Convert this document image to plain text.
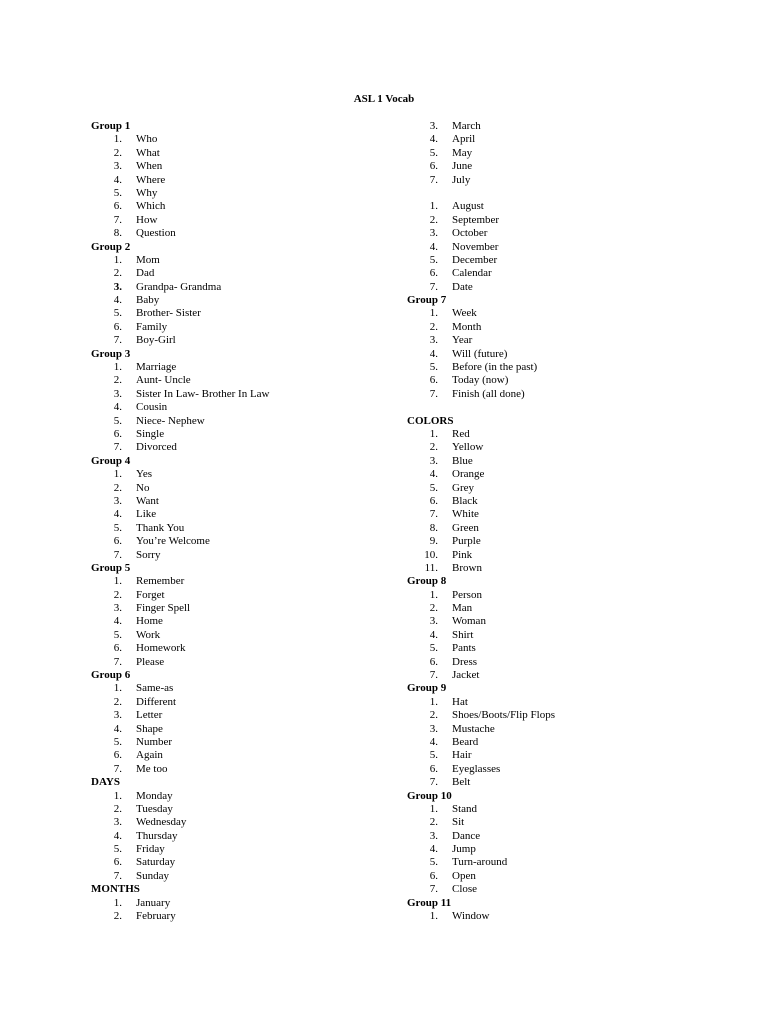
ASL 1 Vocab
Group 1
1. Who
2. What
3. When
4. Where
5. Why
6. Which
7. How
8. Question
Group 2
1. Mom
2. Dad
3. Grandpa- Grandma
4. Baby
5. Brother- Sister
6. Family
7. Boy-Girl
Group 3
1. Marriage
2. Aunt- Uncle
3. Sister In Law- Brother In Law
4. Cousin
5. Niece- Nephew
6. Single
7. Divorced
Group 4
1. Yes
2. No
3. Want
4. Like
5. Thank You
6. You’re Welcome
7. Sorry
Group 5
1. Remember
2. Forget
3. Finger Spell
4. Home
5. Work
6. Homework
7. Please
Group 6
1. Same-as
2. Different
3. Letter
4. Shape
5. Number
6. Again
7. Me too
DAYS
1. Monday
2. Tuesday
3. Wednesday
4. Thursday
5. Friday
6. Saturday
7. Sunday
MONTHS
1. January
2. February
3. March
4. April
5. May
6. June
7. July
1. August
2. September
3. October
4. November
5. December
6. Calendar
7. Date
Group 7
1. Week
2. Month
3. Year
4. Will (future)
5. Before (in the past)
6. Today (now)
7. Finish (all done)
COLORS
1. Red
2. Yellow
3. Blue
4. Orange
5. Grey
6. Black
7. White
8. Green
9. Purple
10. Pink
11. Brown
Group 8
1. Person
2. Man
3. Woman
4. Shirt
5. Pants
6. Dress
7. Jacket
Group 9
1. Hat
2. Shoes/Boots/Flip Flops
3. Mustache
4. Beard
5. Hair
6. Eyeglasses
7. Belt
Group 10
1. Stand
2. Sit
3. Dance
4. Jump
5. Turn-around
6. Open
7. Close
Group 11
1. Window
